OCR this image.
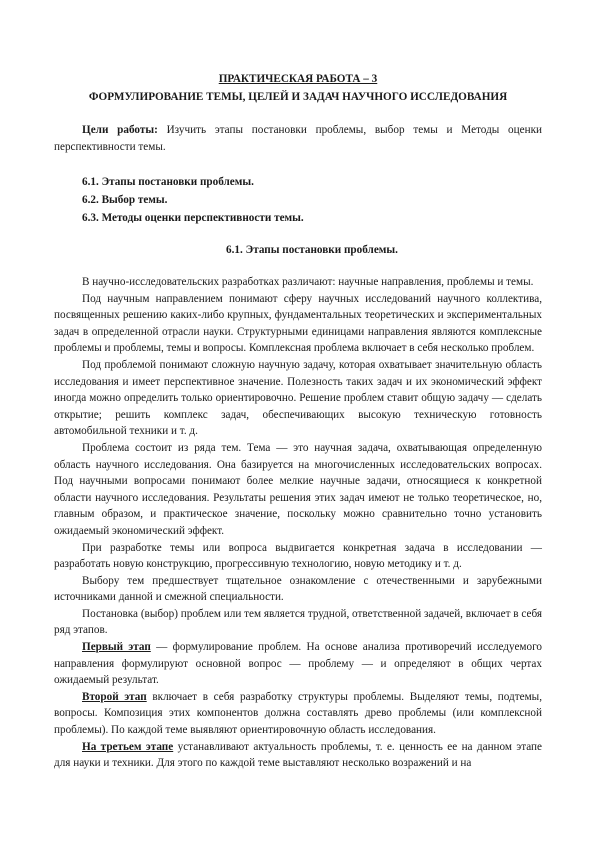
ПРАКТИЧЕСКАЯ РАБОТА – 3
ФОРМУЛИРОВАНИЕ ТЕМЫ, ЦЕЛЕЙ И ЗАДАЧ НАУЧНОГО ИССЛЕДОВАНИЯ
Цели работы: Изучить этапы постановки проблемы, выбор темы и Методы оценки перспективности темы.
6.1. Этапы постановки проблемы.
6.2. Выбор темы.
6.3. Методы оценки перспективности темы.
6.1. Этапы постановки проблемы.

В научно-исследовательских разработках различают: научные направления, проблемы и темы.

Под научным направлением понимают сферу научных исследований научного коллектива, посвященных решению каких-либо крупных, фундаментальных теоретических и экспериментальных задач в определенной отрасли науки. Структурными единицами направления являются комплексные проблемы и проблемы, темы и вопросы. Комплексная проблема включает в себя несколько проблем.

Под проблемой понимают сложную научную задачу, которая охватывает значительную область исследования и имеет перспективное значение. Полезность таких задач и их экономический эффект иногда можно определить только ориентировочно. Решение проблем ставит общую задачу — сделать открытие; решить комплекс задач, обеспечивающих высокую техническую готовность автомобильной техники и т. д.

Проблема состоит из ряда тем. Тема — это научная задача, охватывающая определенную область научного исследования. Она базируется на многочисленных исследовательских вопросах. Под научными вопросами понимают более мелкие научные задачи, относящиеся к конкретной области научного исследования. Результаты решения этих задач имеют не только теоретическое, но, главным образом, и практическое значение, поскольку можно сравнительно точно установить ожидаемый экономический эффект.

При разработке темы или вопроса выдвигается конкретная задача в исследовании — разработать новую конструкцию, прогрессивную технологию, новую методику и т. д.

Выбору тем предшествует тщательное ознакомление с отечественными и зарубежными источниками данной и смежной специальности.

Постановка (выбор) проблем или тем является трудной, ответственной задачей, включает в себя ряд этапов.

Первый этап — формулирование проблем. На основе анализа противоречий исследуемого направления формулируют основной вопрос — проблему — и определяют в общих чертах ожидаемый результат.

Второй этап включает в себя разработку структуры проблемы. Выделяют темы, подтемы, вопросы. Композиция этих компонентов должна составлять древо проблемы (или комплексной проблемы). По каждой теме выявляют ориентировочную область исследования.

На третьем этапе устанавливают актуальность проблемы, т. е. ценность ее на данном этапе для науки и техники. Для этого по каждой теме выставляют несколько возражений и на
